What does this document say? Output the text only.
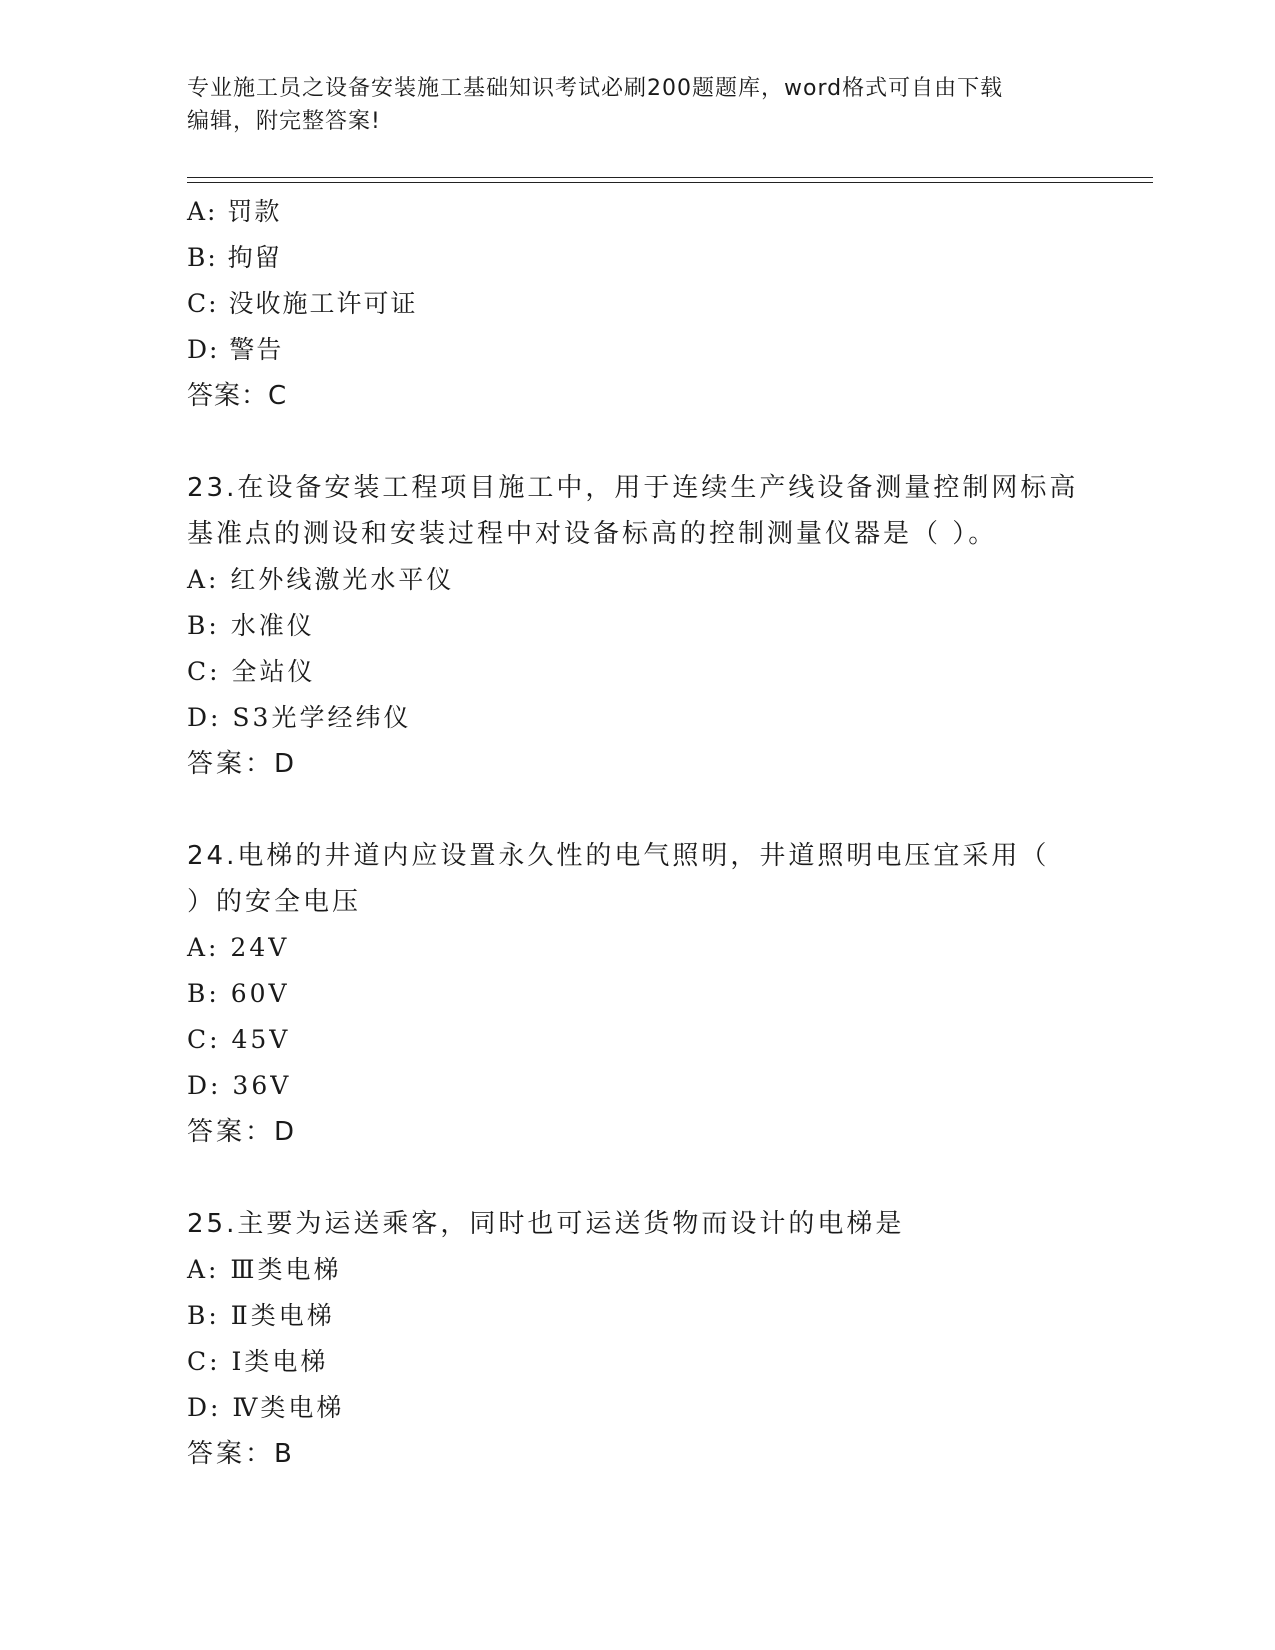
专业施工员之设备安装施工基础知识考试必刷200题题库，word格式可自由下载
编辑，附完整答案!
A: 罚款
B: 拘留
C: 没收施工许可证
D: 警告
答案：C
23.在设备安装工程项目施工中，用于连续生产线设备测量控制网标高
基准点的测设和安装过程中对设备标高的控制测量仪器是（ ）。
A: 红外线激光水平仪
B: 水准仪
C: 全站仪
D: S3光学经纬仪
答案：D
24.电梯的井道内应设置永久性的电气照明，井道照明电压宜采用（
）的安全电压
A: 24V
B: 60V
C: 45V
D: 36V
答案：D
25.主要为运送乘客，同时也可运送货物而设计的电梯是
A: Ⅲ类电梯
B: Ⅱ类电梯
C: Ⅰ类电梯
D: Ⅳ类电梯
答案：B
